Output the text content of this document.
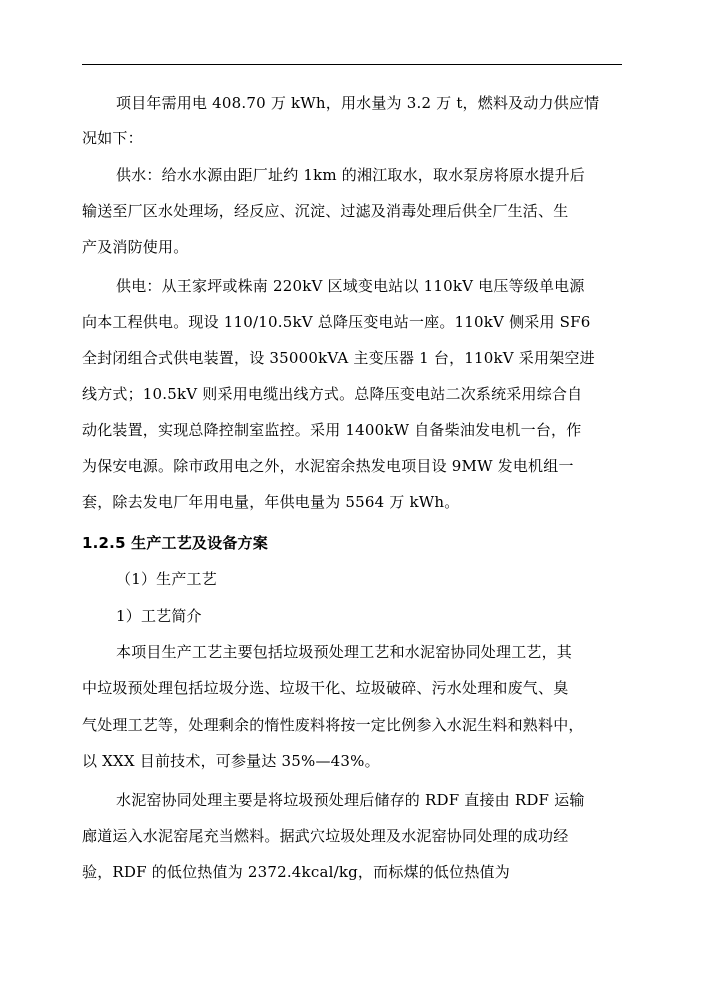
项目年需用电 408.70 万 kWh，用水量为 3.2 万 t，燃料及动力供应情
况如下：
供水：给水水源由距厂址约 1km 的湘江取水，取水泵房将原水提升后
输送至厂区水处理场，经反应、沉淀、过滤及消毒处理后供全厂生活、生
产及消防使用。
供电：从王家坪或株南 220kV 区域变电站以 110kV 电压等级单电源
向本工程供电。现设 110/10.5kV 总降压变电站一座。110kV 侧采用 SF6
全封闭组合式供电装置，设 35000kVA 主变压器 1 台，110kV 采用架空进
线方式；10.5kV 则采用电缆出线方式。总降压变电站二次系统采用综合自
动化装置，实现总降控制室监控。采用 1400kW 自备柴油发电机一台，作
为保安电源。除市政用电之外，水泥窑余热发电项目设 9MW 发电机组一
套，除去发电厂年用电量，年供电量为 5564 万 kWh。
1.2.5 生产工艺及设备方案
（1）生产工艺
1）工艺简介
本项目生产工艺主要包括垃圾预处理工艺和水泥窑协同处理工艺，其
中垃圾预处理包括垃圾分选、垃圾干化、垃圾破碎、污水处理和废气、臭
气处理工艺等，处理剩余的惰性废料将按一定比例参入水泥生料和熟料中，
以 XXX 目前技术，可参量达 35%—43%。
水泥窑协同处理主要是将垃圾预处理后储存的 RDF 直接由 RDF 运输
廊道运入水泥窑尾充当燃料。据武穴垃圾处理及水泥窑协同处理的成功经
验，RDF 的低位热值为 2372.4kcal/kg，而标煤的低位热值为
